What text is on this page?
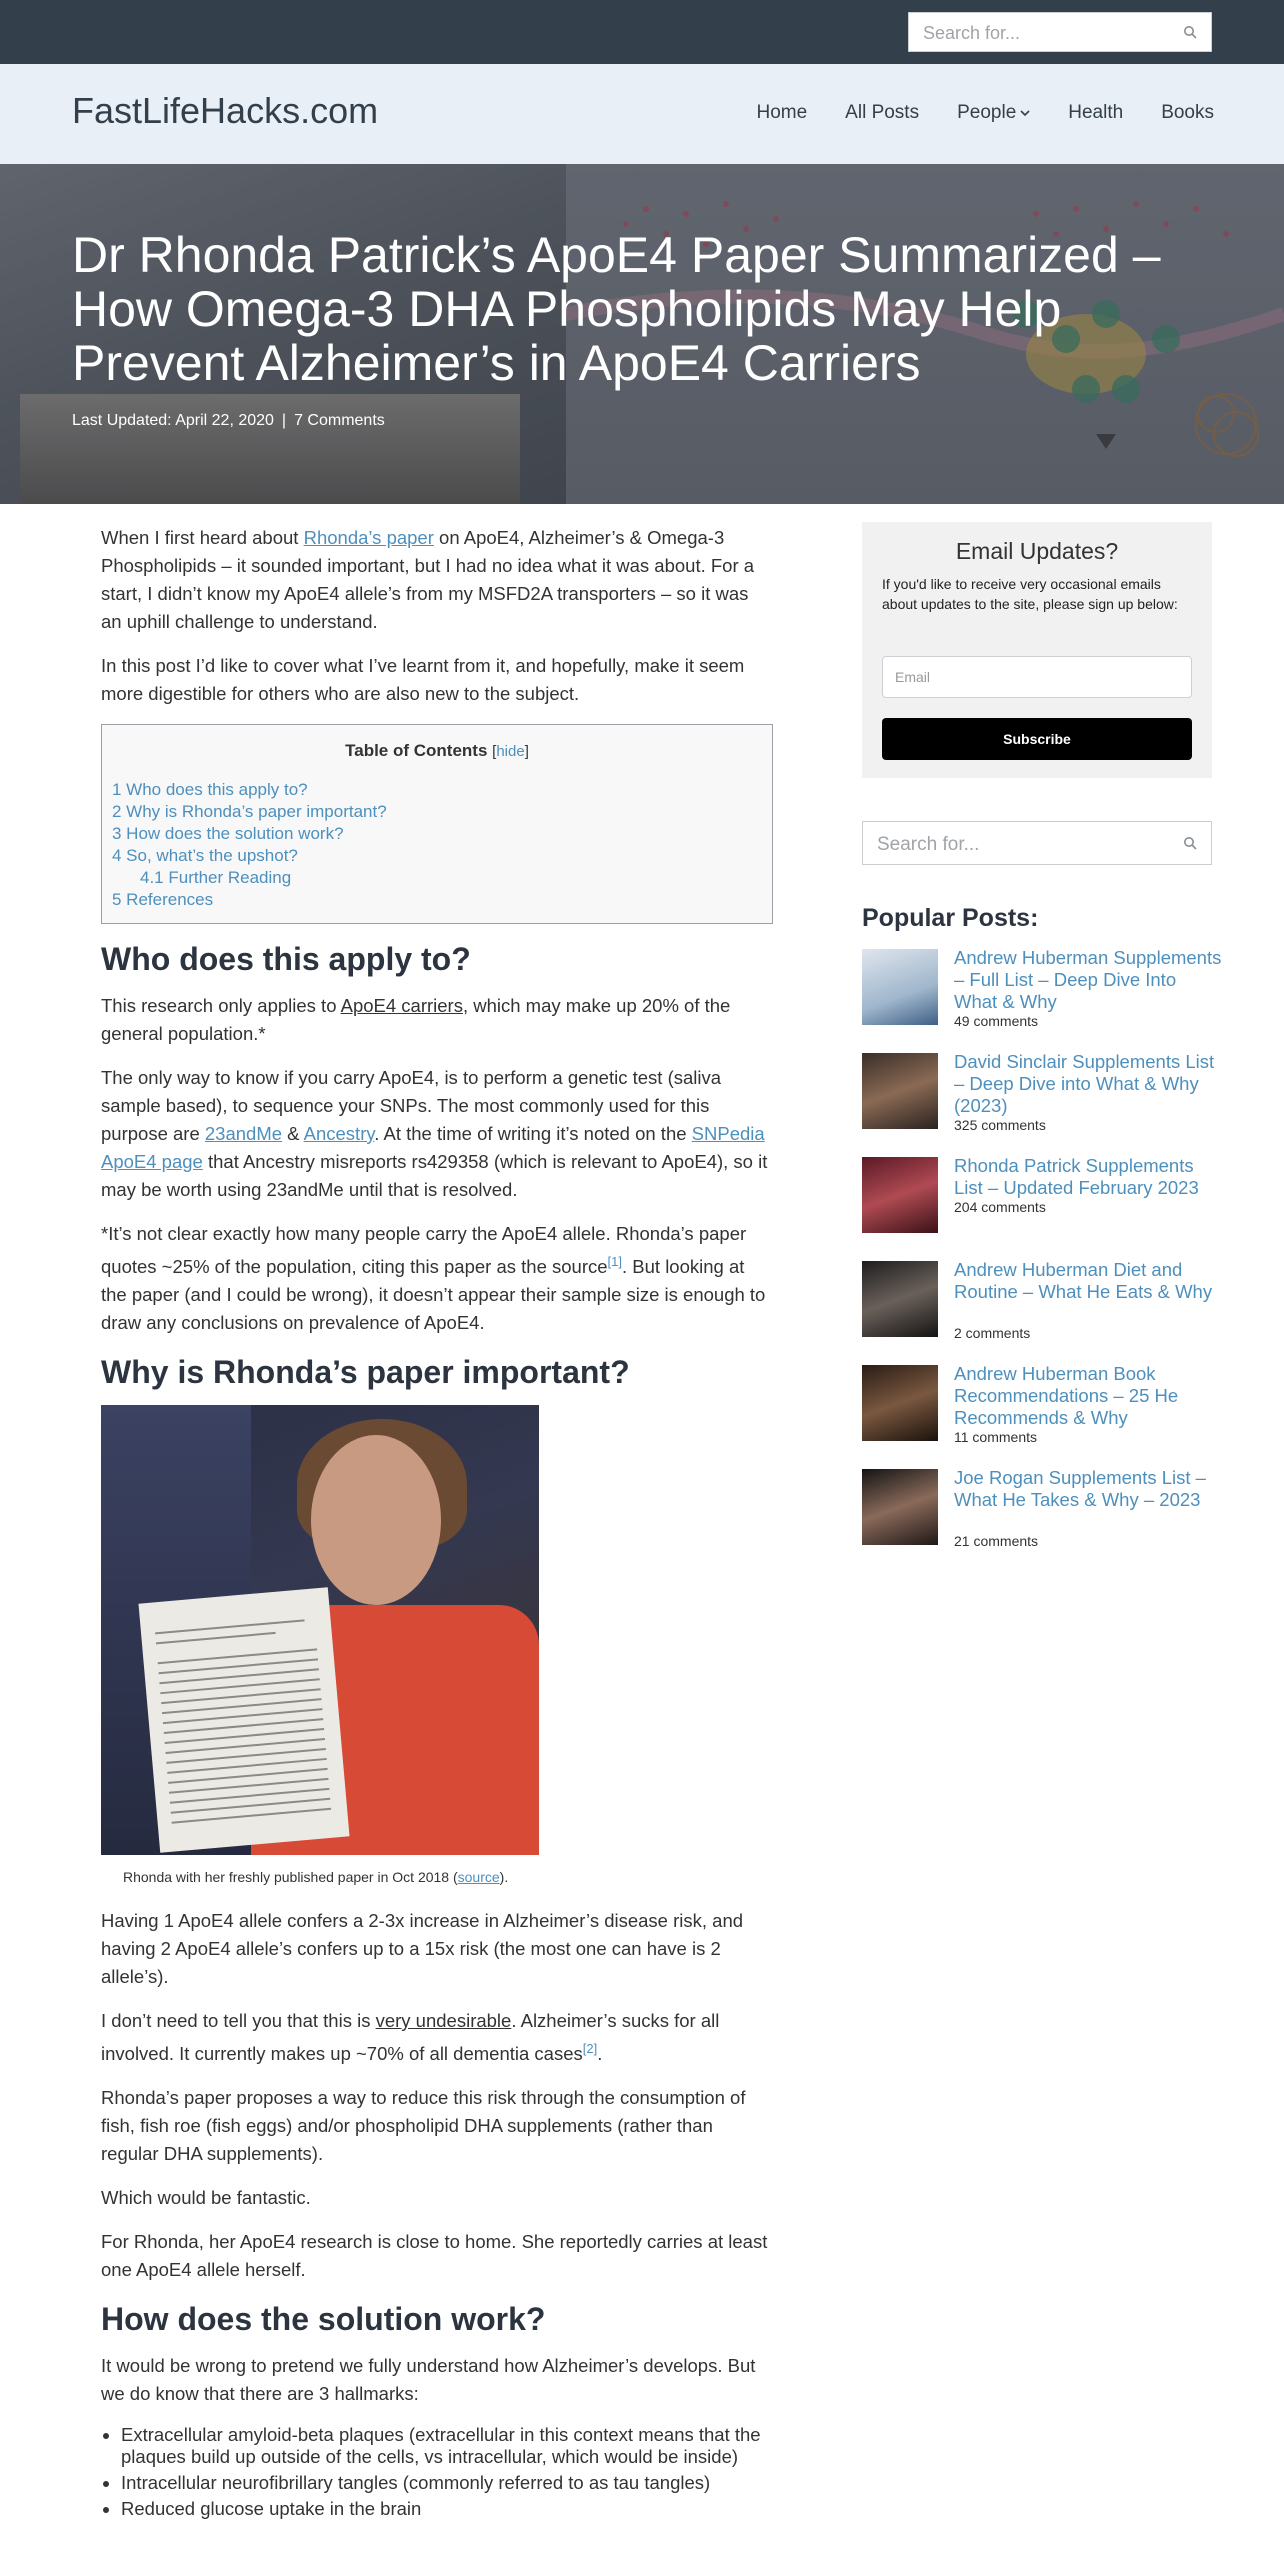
Search for...
FastLifeHacks.com	Home All Posts People	Health Books
Dr Rhonda Patrick’s ApoE4 Paper Summarized – How Omega-3 DHA Phospholipids May Help Prevent Alzheimer’s in ApoE4 Carriers
Last Updated: April 22, 2020 | 7 Comments

When I first heard about Rhonda’s paper on ApoE4, Alzheimer’s & Omega-3 Phospholipids – it sounded important, but I had no idea what it was about. For a start, I didn’t know my ApoE4 allele’s from my MSFD2A transporters – so it was an uphill challenge to understand.

In this post I’d like to cover what I’ve learnt from it, and hopefully, make it seem more digestible for others who are also new to the subject.

Table of Contents [hide]
1 Who does this apply to?
2 Why is Rhonda’s paper important?
3 How does the solution work?
4 So, what’s the upshot?
4.1 Further Reading
5 References
Who does this apply to?

This research only applies to ApoE4 carriers, which may make up 20% of the general population.*

The only way to know if you carry ApoE4, is to perform a genetic test (saliva sample based), to sequence your SNPs. The most commonly used for this purpose are 23andMe & Ancestry. At the time of writing it’s noted on the SNPedia ApoE4 page that Ancestry misreports rs429358 (which is relevant to ApoE4), so it may be worth using 23andMe until that is resolved.

*It’s not clear exactly how many people carry the ApoE4 allele. Rhonda’s paper quotes ~25% of the population, citing this paper as the source[1]. But looking at the paper (and I could be wrong), it doesn’t appear their sample size is enough to draw any conclusions on prevalence of ApoE4.

Why is Rhonda’s paper important?
Rhonda with her freshly published paper in Oct 2018 (source).

Having 1 ApoE4 allele confers a 2-3x increase in Alzheimer’s disease risk, and having 2 ApoE4 allele’s confers up to a 15x risk (the most one can have is 2 allele’s).

I don’t need to tell you that this is very undesirable. Alzheimer’s sucks for all involved. It currently makes up ~70% of all dementia cases[2].

Rhonda’s paper proposes a way to reduce this risk through the consumption of fish, fish roe (fish eggs) and/or phospholipid DHA supplements (rather than regular DHA supplements).

Which would be fantastic.

For Rhonda, her ApoE4 research is close to home. She reportedly carries at least one ApoE4 allele herself.

How does the solution work?

It would be wrong to pretend we fully understand how Alzheimer’s develops. But we do know that there are 3 hallmarks:

• Extracellular amyloid-beta plaques (extracellular in this context means that the plaques build up outside of the cells, vs intracellular, which would be inside)
• Intracellular neurofibrillary tangles (commonly referred to as tau tangles)
• Reduced glucose uptake in the brain
Email Updates?
If you'd like to receive very occasional emails about updates to the site, please sign up below:
Email
Subscribe
Search for...
Popular Posts:
Andrew Huberman Supplements – Full List – Deep Dive Into What & Why
49 comments
David Sinclair Supplements List – Deep Dive into What & Why (2023)
325 comments
Rhonda Patrick Supplements List – Updated February 2023
204 comments
Andrew Huberman Diet and Routine – What He Eats & Why
2 comments
Andrew Huberman Book Recommendations – 25 He Recommends & Why
11 comments
Joe Rogan Supplements List – What He Takes & Why – 2023
21 comments
